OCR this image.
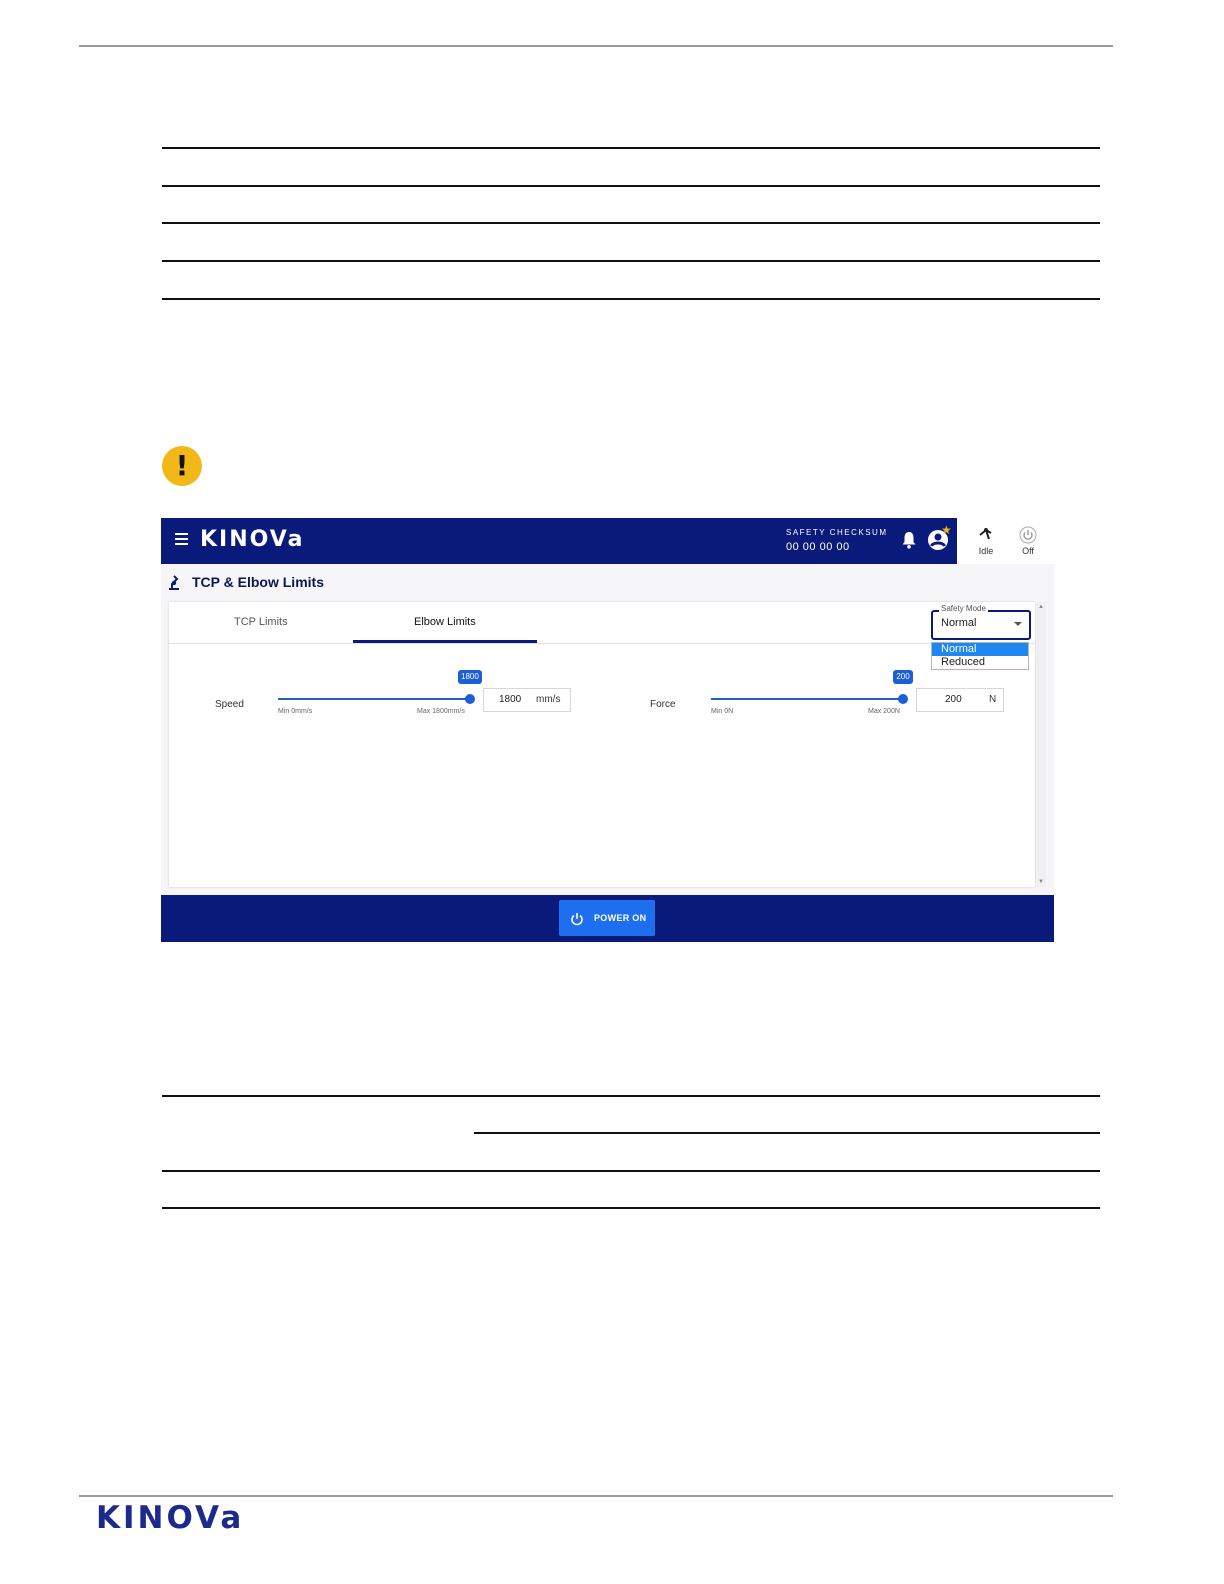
!
KINOVa	SAFETY CHECKSUM
00 00 00 00
★
Idle	Off
TCP & Elbow Limits
TCP Limits	Elbow Limits
Safety Mode
Normal
Normal
Reduced
Speed
1800
Min 0mm/s	Max 1800mm/s
1800 mm/s	Force
200
Min 0N	Max 200N
200	N
▲
▼
POWER ON
KINOVa
